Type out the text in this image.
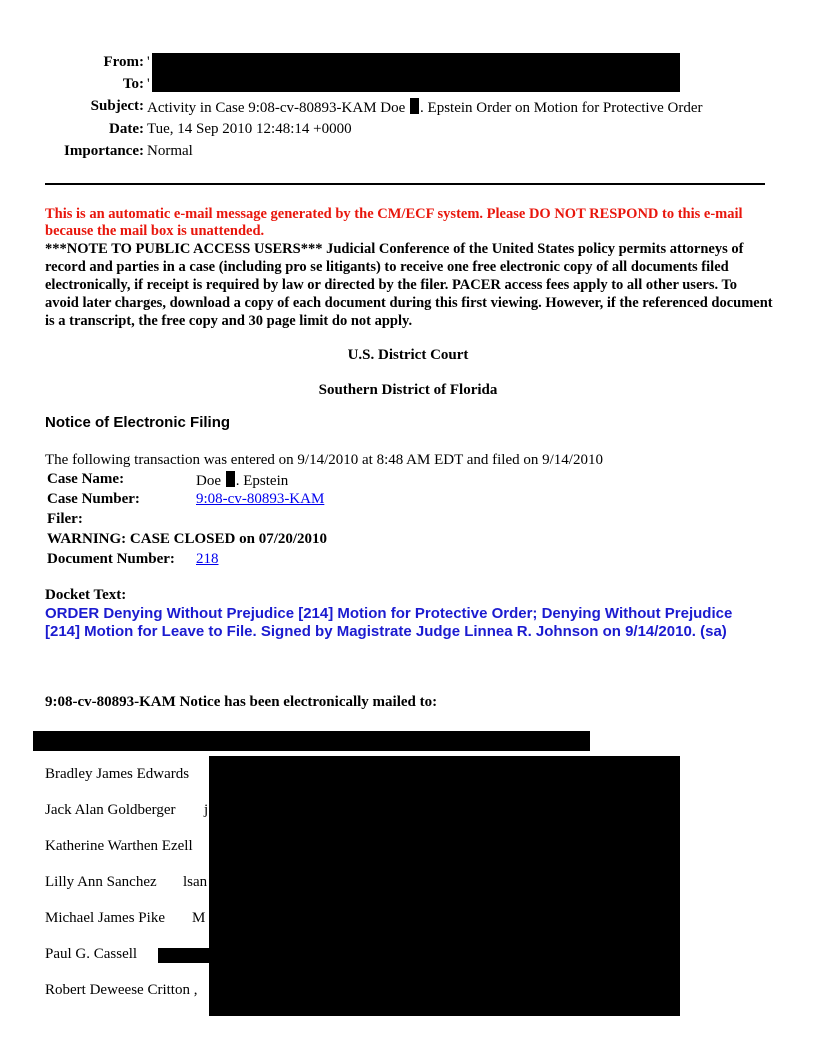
From: '
To: '
Subject: Activity in Case 9:08-cv-80893-KAM Doe . Epstein Order on Motion for Protective Order
Date: Tue, 14 Sep 2010 12:48:14 +0000
Importance: Normal
This is an automatic e-mail message generated by the CM/ECF system. Please DO NOT RESPOND to this e-mail because the mail box is unattended.
***NOTE TO PUBLIC ACCESS USERS*** Judicial Conference of the United States policy permits attorneys of record and parties in a case (including pro se litigants) to receive one free electronic copy of all documents filed electronically, if receipt is required by law or directed by the filer. PACER access fees apply to all other users. To avoid later charges, download a copy of each document during this first viewing. However, if the referenced document is a transcript, the free copy and 30 page limit do not apply.
U.S. District Court
Southern District of Florida
Notice of Electronic Filing
The following transaction was entered on 9/14/2010 at 8:48 AM EDT and filed on 9/14/2010
Case Name:	Doe . Epstein
Case Number:	9:08-cv-80893-KAM
Filer:
WARNING: CASE CLOSED on 07/20/2010
Document Number: 218
Docket Text:
ORDER Denying Without Prejudice [214] Motion for Protective Order; Denying Without Prejudice [214] Motion for Leave to File. Signed by Magistrate Judge Linnea R. Johnson on 9/14/2010. (sa)
9:08-cv-80893-KAM Notice has been electronically mailed to:
Bradley James Edwards
Jack Alan Goldberger j
Katherine Warthen Ezell
Lilly Ann Sanchez lsan
Michael James Pike M
Paul G. Cassell
Robert Deweese Critton ,
